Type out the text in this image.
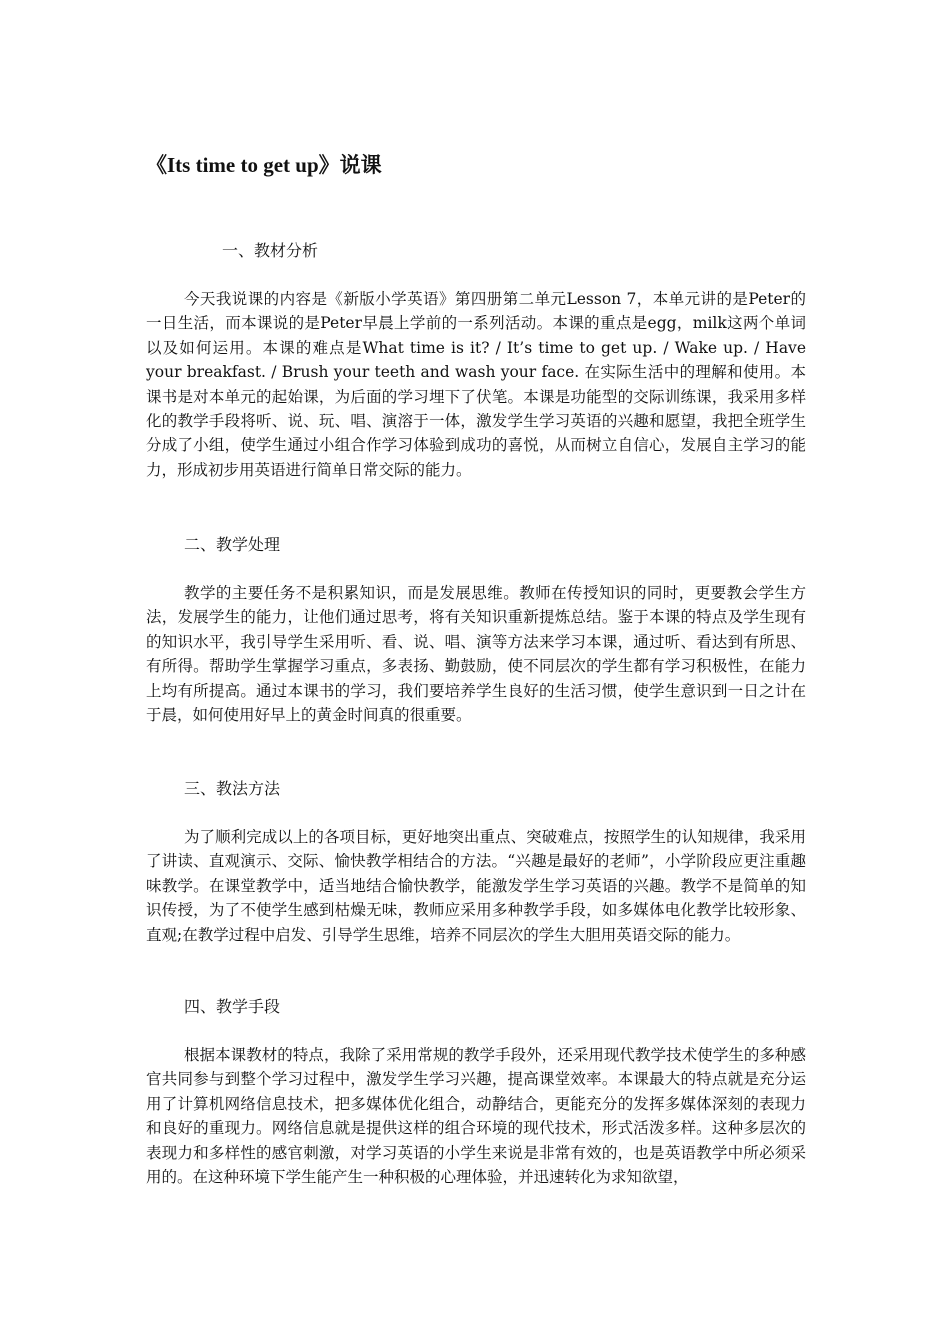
《Its time to get up》说课
一、教材分析
今天我说课的内容是《新版小学英语》第四册第二单元Lesson 7，本单元讲的是Peter的一日生活，而本课说的是Peter早晨上学前的一系列活动。本课的重点是egg，milk这两个单词以及如何运用。本课的难点是What time is it? / It’s time to get up. / Wake up. / Have your breakfast. / Brush your teeth and wash your face. 在实际生活中的理解和使用。本课书是对本单元的起始课，为后面的学习埋下了伏笔。本课是功能型的交际训练课，我采用多样化的教学手段将听、说、玩、唱、演溶于一体，激发学生学习英语的兴趣和愿望，我把全班学生分成了小组，使学生通过小组合作学习体验到成功的喜悦，从而树立自信心，发展自主学习的能力，形成初步用英语进行简单日常交际的能力。
二、教学处理
教学的主要任务不是积累知识，而是发展思维。教师在传授知识的同时，更要教会学生方法，发展学生的能力，让他们通过思考，将有关知识重新提炼总结。鉴于本课的特点及学生现有的知识水平，我引导学生采用听、看、说、唱、演等方法来学习本课，通过听、看达到有所思、有所得。帮助学生掌握学习重点，多表扬、勤鼓励，使不同层次的学生都有学习积极性，在能力上均有所提高。通过本课书的学习，我们要培养学生良好的生活习惯，使学生意识到一日之计在于晨，如何使用好早上的黄金时间真的很重要。
三、教法方法
为了顺利完成以上的各项目标，更好地突出重点、突破难点，按照学生的认知规律，我采用了讲读、直观演示、交际、愉快教学相结合的方法。“兴趣是最好的老师”，小学阶段应更注重趣味教学。在课堂教学中，适当地结合愉快教学，能激发学生学习英语的兴趣。教学不是简单的知识传授，为了不使学生感到枯燥无味，教师应采用多种教学手段，如多媒体电化教学比较形象、直观;在教学过程中启发、引导学生思维，培养不同层次的学生大胆用英语交际的能力。
四、教学手段
根据本课教材的特点，我除了采用常规的教学手段外，还采用现代教学技术使学生的多种感官共同参与到整个学习过程中，激发学生学习兴趣，提高课堂效率。本课最大的特点就是充分运用了计算机网络信息技术，把多媒体优化组合，动静结合，更能充分的发挥多媒体深刻的表现力和良好的重现力。网络信息就是提供这样的组合环境的现代技术，形式活泼多样。这种多层次的表现力和多样性的感官刺激，对学习英语的小学生来说是非常有效的，也是英语教学中所必须采用的。在这种环境下学生能产生一种积极的心理体验，并迅速转化为求知欲望，
